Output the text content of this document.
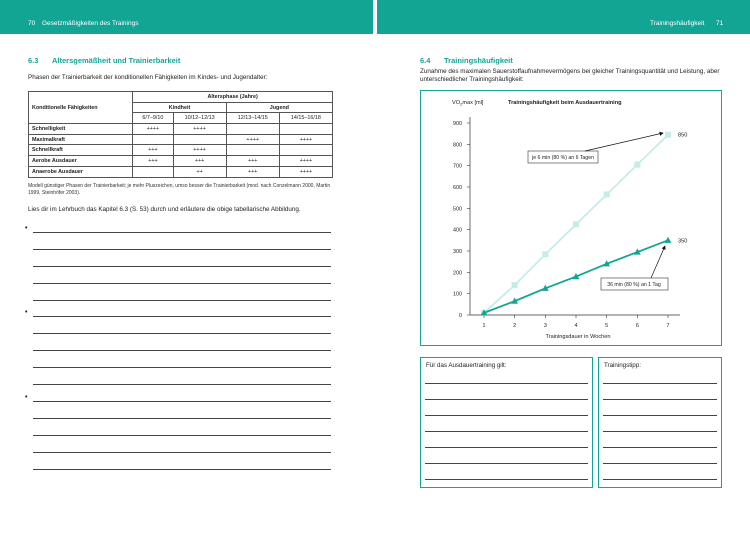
70 Gesetzmäßigkeiten des Trainings	Trainingshäufigkeit 71
6.3 Altersgemäßheit und Trainierbarkeit
Phasen der Trainierbarkeit der konditionellen Fähigkeiten im Kindes- und Jugendalter:
Konditionelle Fähigkeiten	Altersphase (Jahre)			
	Kindheit		Jugend	
	6/7–9/10	10/12–12/13	12/13–14/15	14/15–16/18
Schnelligkeit	++++	++++		
Maximalkraft			++++	++++
Schnellkraft	+++	++++		
Aerobe Ausdauer	+++	+++	+++	++++
Anaerobe Ausdauer		++	+++	++++
Modell günstiger Phasen der Trainierbarkeit; je mehr Pluszeichen, umso besser die Trainierbarkeit (mod. nach Conzelmann 2000, Martin 1999, Steinhöfer 2003).
Lies dir im Lehrbuch das Kapitel 6.3 (S. 53) durch und erläutere die obige tabellarische Abbildung.
•
•
•
6.4 Trainingshäufigkeit
Zunahme des maximalen Sauerstoffaufnahmevermögens bei gleicher Trainingsquantität und Leistung, aber
unterschiedlicher Trainingshäufigkeit:
$VO_2\max$ [ml]	Trainingshäufigkeit beim Ausdauertraining
Trainingsdauer in Wochen
0
100
200
300
400
500
600
700
800
900
1	2	3	4	5	6	7
850
350
je 6 min (80 %) an 6 Tagen
36 min (80 %) an 1 Tag
Für das Ausdauertraining gilt:	Trainingstipp:
